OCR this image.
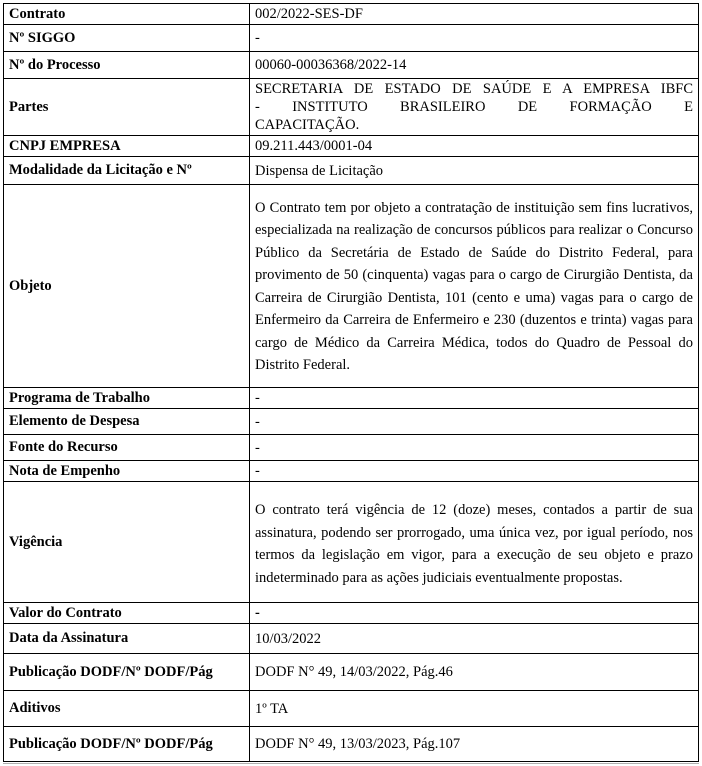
Contrato	002/2022-SES-DF
Nº SIGGO	-
Nº do Processo	00060-00036368/2022-14
Partes	SECRETARIA DE ESTADO DE SAÚDE E A EMPRESA IBFC
- INSTITUTO BRASILEIRO DE FORMAÇÃO E
CAPACITAÇÃO.

CNPJ EMPRESA	09.211.443/0001-04
Modalidade da Licitação e Nº	Dispensa de Licitação
Objeto	O Contrato tem por objeto a contratação de instituição sem fins lucrativos, especializada na realização de concursos públicos para realizar o Concurso Público da Secretária de Estado de Saúde do Distrito Federal, para provimento de 50 (cinquenta) vagas para o cargo de Cirurgião Dentista, da Carreira de Cirurgião Dentista, 101 (cento e uma) vagas para o cargo de Enfermeiro da Carreira de Enfermeiro e 230 (duzentos e trinta) vagas para cargo de Médico da Carreira Médica, todos do Quadro de Pessoal do Distrito Federal.
Programa de Trabalho	-
Elemento de Despesa	-
Fonte do Recurso	-
Nota de Empenho	-
Vigência	O contrato terá vigência de 12 (doze) meses, contados a partir de sua assinatura, podendo ser prorrogado, uma única vez, por igual período, nos termos da legislação em vigor, para a execução de seu objeto e prazo indeterminado para as ações judiciais eventualmente propostas.
Valor do Contrato	-
Data da Assinatura	10/03/2022
Publicação DODF/Nº DODF/Pág	DODF N° 49, 14/03/2022, Pág.46
Aditivos	1º TA
Publicação DODF/Nº DODF/Pág	DODF N° 49, 13/03/2023, Pág.107
